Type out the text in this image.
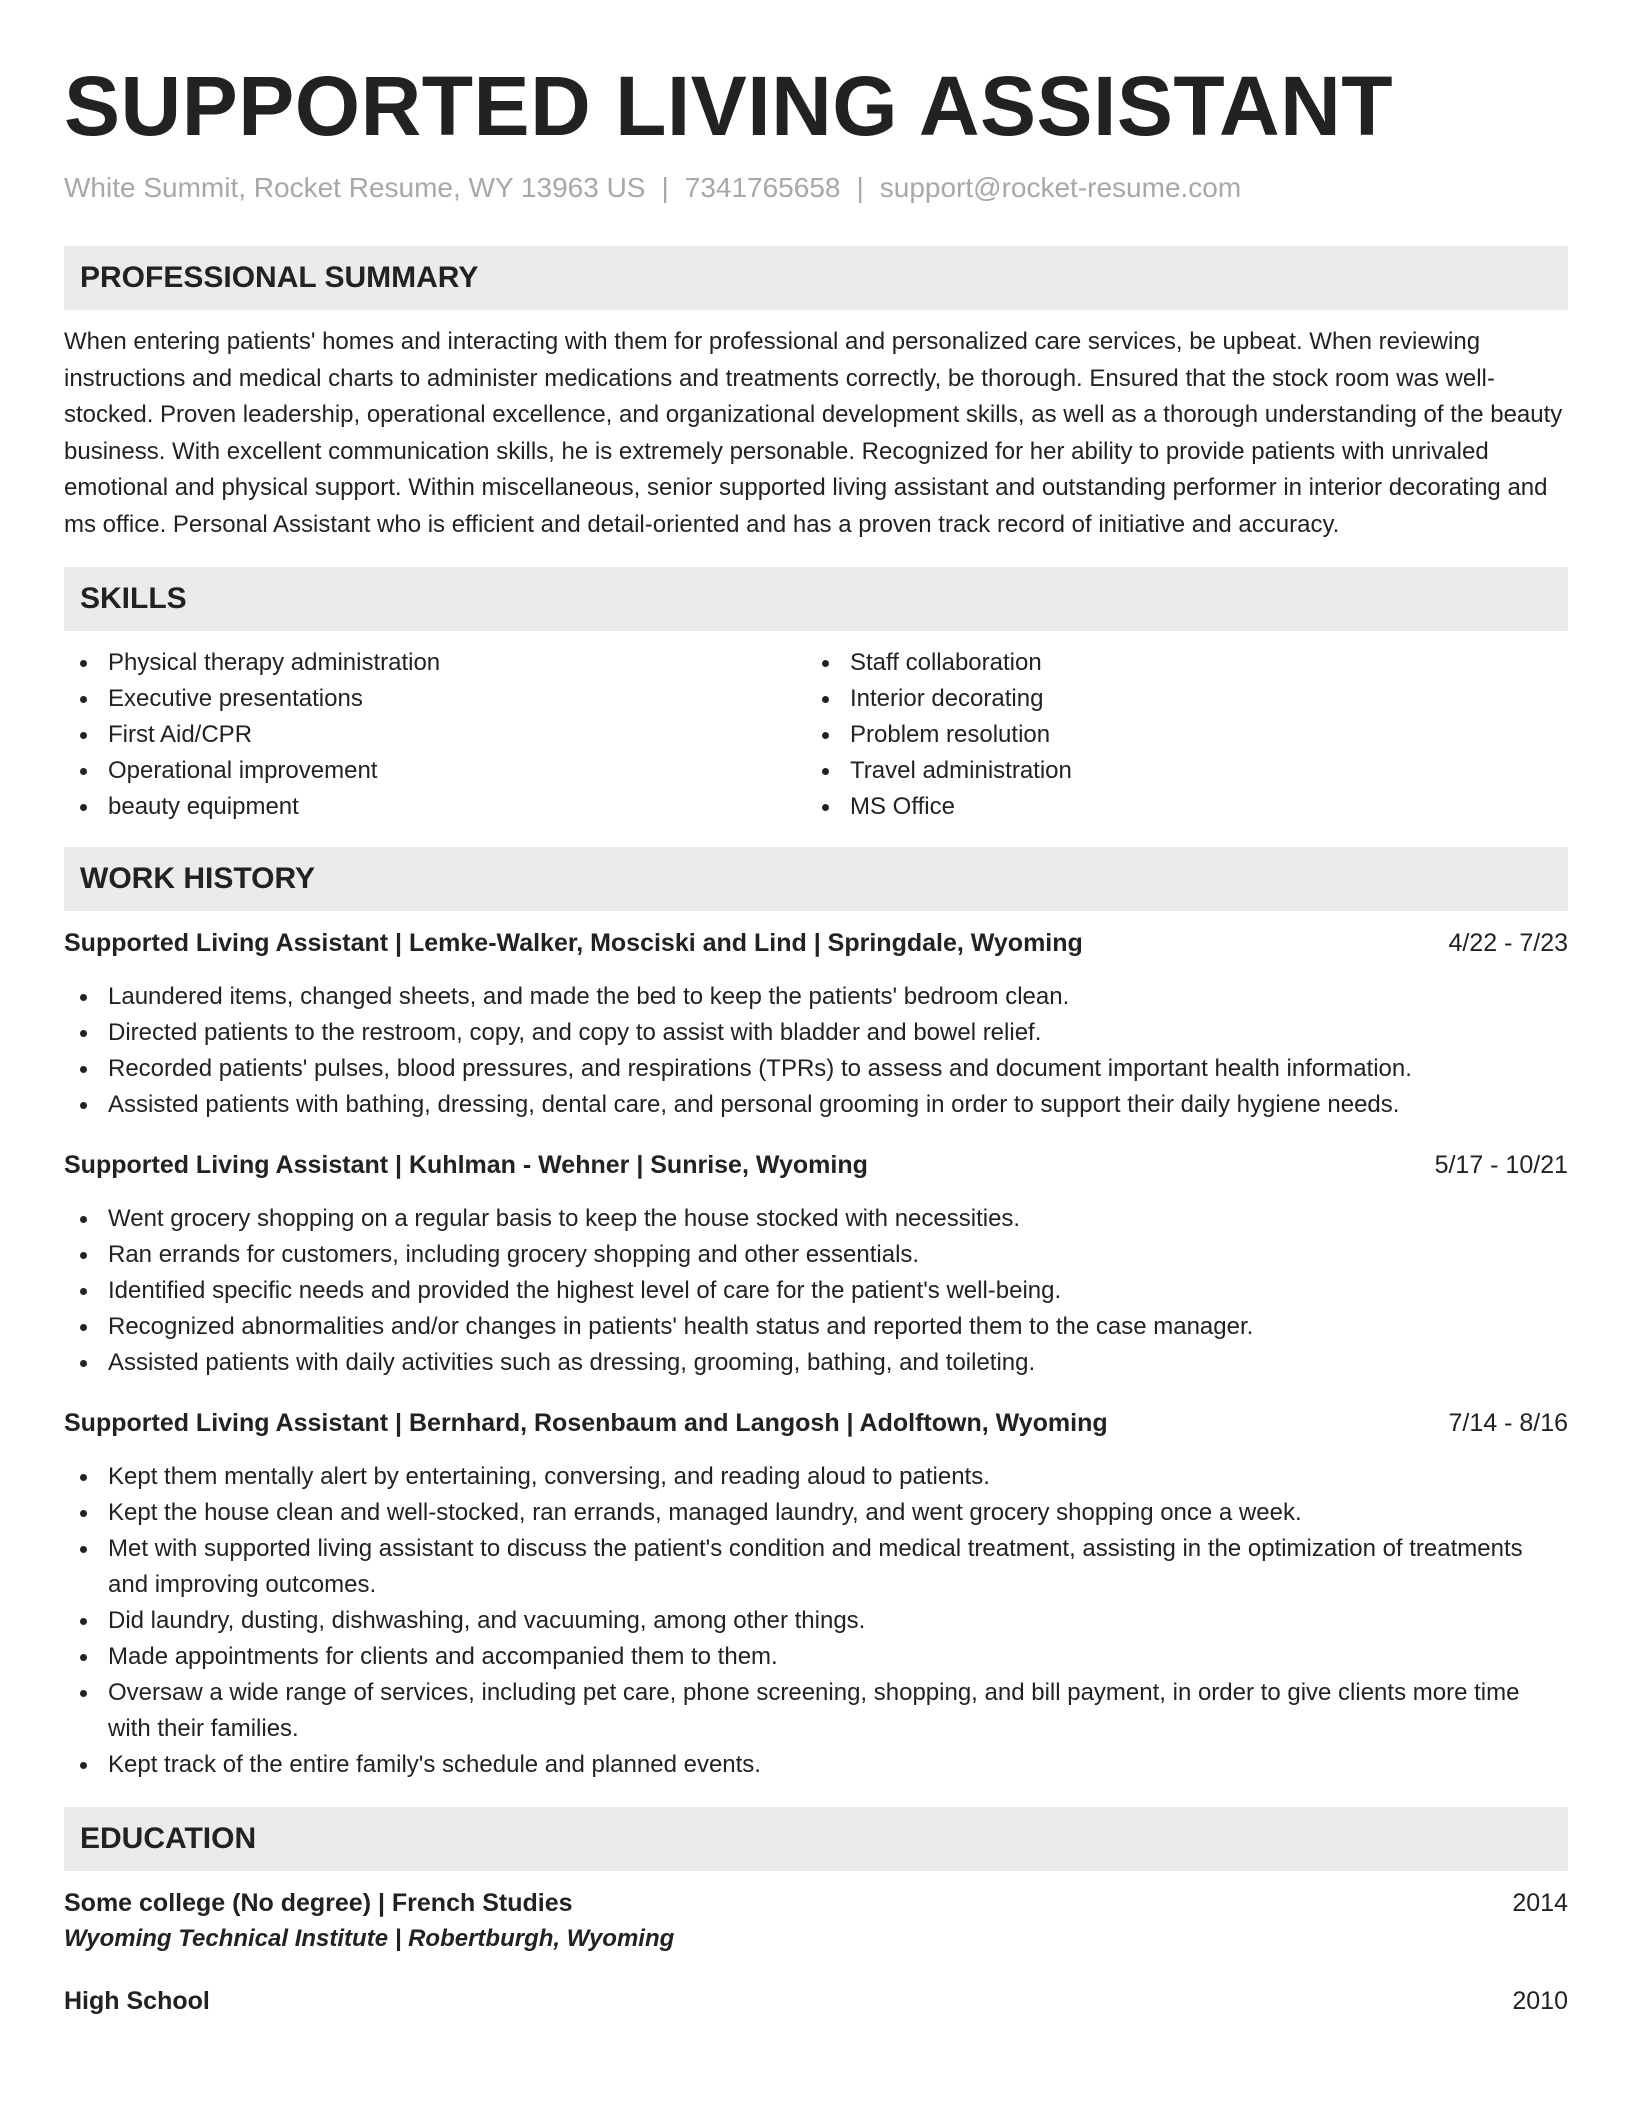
SUPPORTED LIVING ASSISTANT
White Summit, Rocket Resume, WY 13963 US | 7341765658 | support@rocket-resume.com
PROFESSIONAL SUMMARY

When entering patients' homes and interacting with them for professional and personalized care services, be upbeat. When reviewing instructions and medical charts to administer medications and treatments correctly, be thorough. Ensured that the stock room was well-stocked. Proven leadership, operational excellence, and organizational development skills, as well as a thorough understanding of the beauty business. With excellent communication skills, he is extremely personable. Recognized for her ability to provide patients with unrivaled emotional and physical support. Within miscellaneous, senior supported living assistant and outstanding performer in interior decorating and ms office. Personal Assistant who is efficient and detail-oriented and has a proven track record of initiative and accuracy.

SKILLS
Physical therapy administration
Executive presentations
First Aid/CPR
Operational improvement
beauty equipment
Staff collaboration
Interior decorating
Problem resolution
Travel administration
MS Office
WORK HISTORY
Supported Living Assistant | Lemke-Walker, Mosciski and Lind | Springdale, Wyoming	4/22 - 7/23
Laundered items, changed sheets, and made the bed to keep the patients' bedroom clean.
Directed patients to the restroom, copy, and copy to assist with bladder and bowel relief.
Recorded patients' pulses, blood pressures, and respirations (TPRs) to assess and document important health information.
Assisted patients with bathing, dressing, dental care, and personal grooming in order to support their daily hygiene needs.
Supported Living Assistant | Kuhlman - Wehner | Sunrise, Wyoming	5/17 - 10/21
Went grocery shopping on a regular basis to keep the house stocked with necessities.
Ran errands for customers, including grocery shopping and other essentials.
Identified specific needs and provided the highest level of care for the patient's well-being.
Recognized abnormalities and/or changes in patients' health status and reported them to the case manager.
Assisted patients with daily activities such as dressing, grooming, bathing, and toileting.
Supported Living Assistant | Bernhard, Rosenbaum and Langosh | Adolftown, Wyoming	7/14 - 8/16
Kept them mentally alert by entertaining, conversing, and reading aloud to patients.
Kept the house clean and well-stocked, ran errands, managed laundry, and went grocery shopping once a week.
Met with supported living assistant to discuss the patient's condition and medical treatment, assisting in the optimization of treatments and improving outcomes.
Did laundry, dusting, dishwashing, and vacuuming, among other things.
Made appointments for clients and accompanied them to them.
Oversaw a wide range of services, including pet care, phone screening, shopping, and bill payment, in order to give clients more time with their families.
Kept track of the entire family's schedule and planned events.
EDUCATION
Some college (No degree) | French Studies	2014
Wyoming Technical Institute | Robertburgh, Wyoming
High School	2010
